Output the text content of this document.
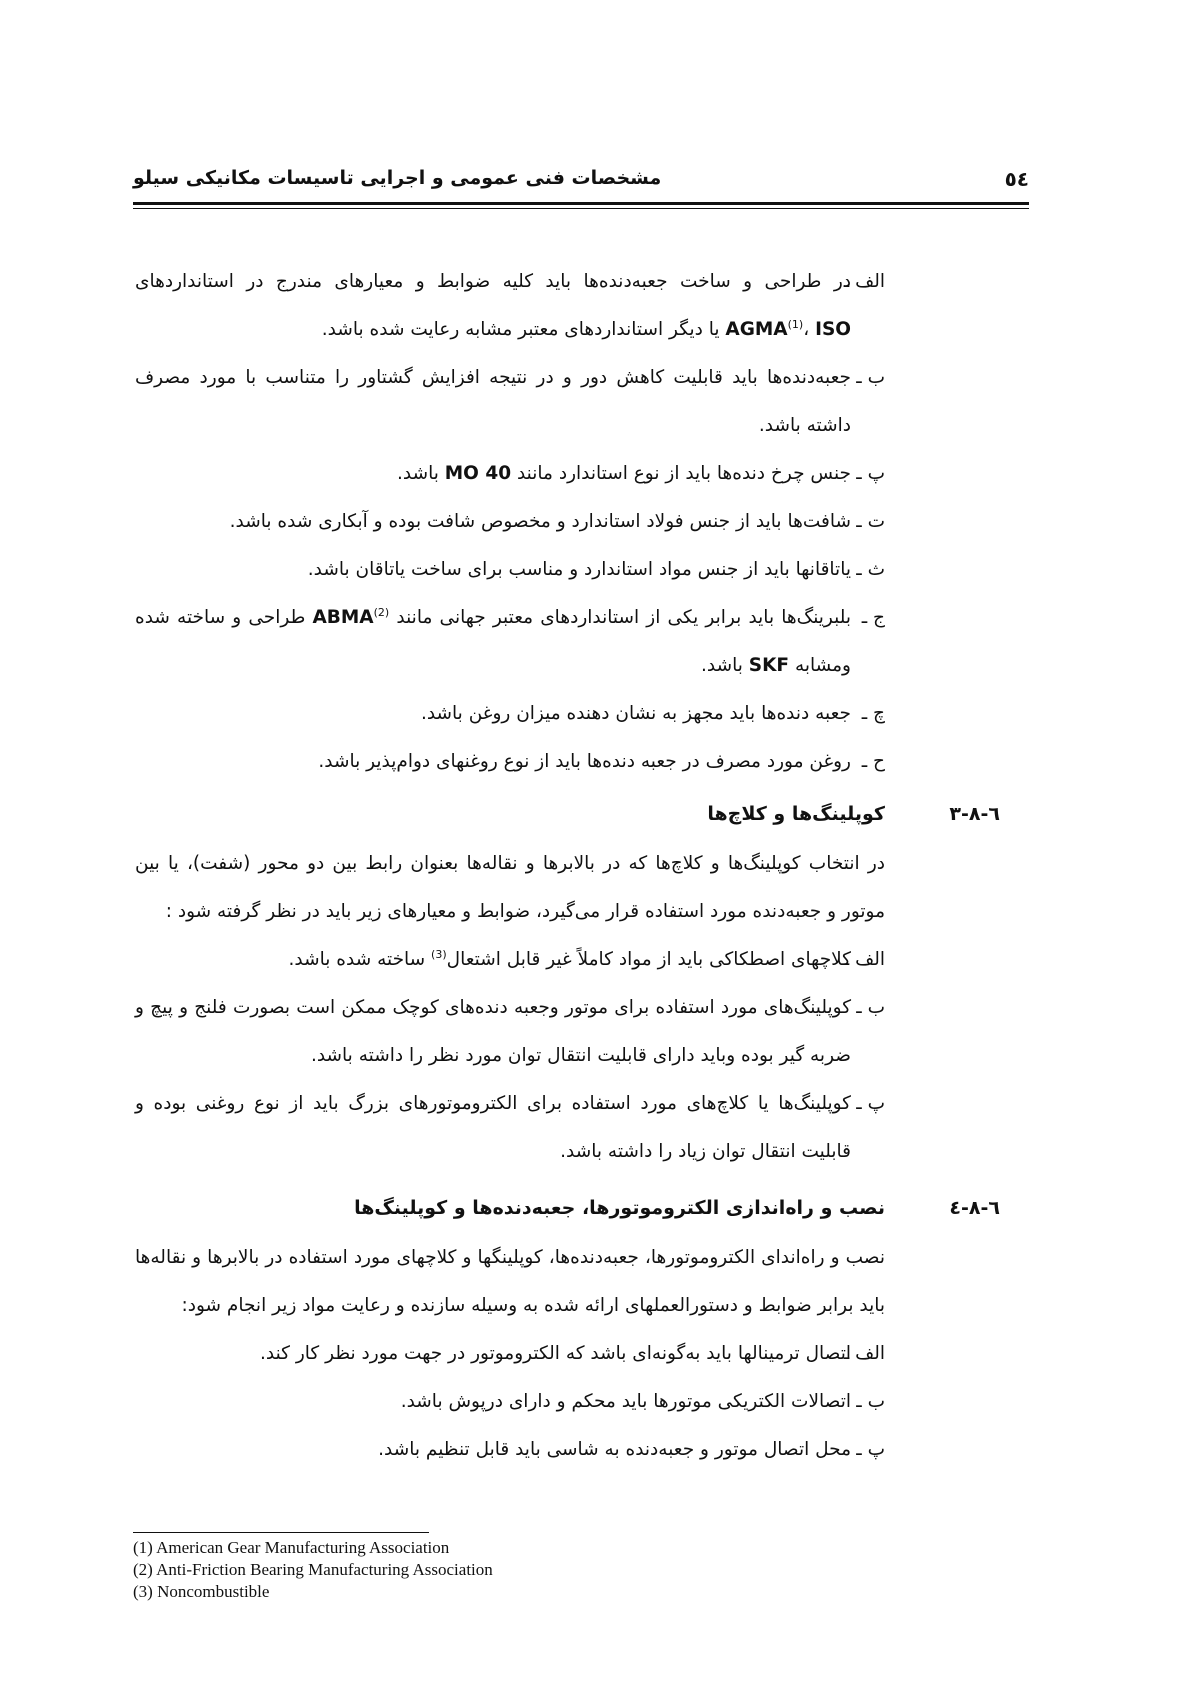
٥٤
مشخصات فنی عمومی و اجرایی تاسیسات مکانیکی سیلو
الف ـ
در طراحی و ساخت جعبه‌دنده‌ها باید کلیه ضوابط و معیارهای مندرج در استانداردهای AGMA$^{(1)}$، ISO یا دیگر استانداردهای معتبر مشابه رعایت شده باشد.
ب ـ
جعبه‌دنده‌ها باید قابلیت کاهش دور و در نتیجه افزایش گشتاور را متناسب با مورد مصرف داشته باشد.
پ ـ
جنس چرخ دنده‌ها باید از نوع استاندارد مانند MO 40 باشد.
ت ـ
شافت‌ها باید از جنس فولاد استاندارد و مخصوص شافت بوده و آبکاری شده باشد.
ث ـ
یاتاقانها باید از جنس مواد استاندارد و مناسب برای ساخت یاتاقان باشد.
ج ـ
بلبرینگ‌ها باید برابر یکی از استانداردهای معتبر جهانی مانند ABMA$^{(2)}$ طراحی و ساخته شده ومشابه SKF باشد.
چ ـ
جعبه دنده‌ها باید مجهز به نشان دهنده میزان روغن باشد.
ح ـ
روغن مورد مصرف در جعبه دنده‌ها باید از نوع روغنهای دوام‌پذیر باشد.
٦-٨-٣
کوپلینگ‌ها و کلاچ‌ها

در انتخاب کوپلینگ‌ها و کلاچ‌ها که در بالابرها و نقاله‌ها بعنوان رابط بین دو محور (شفت)، یا بین موتور و جعبه‌دنده مورد استفاده قرار می‌گیرد، ضوابط و معیارهای زیر باید در نظر گرفته شود :

الف ـ
کلاچهای اصطکاکی باید از مواد کاملاً غیر قابل اشتعال$^{(3)}$ ساخته شده باشد.
ب ـ
کوپلینگ‌های مورد استفاده برای موتور وجعبه دنده‌های کوچک ممکن است بصورت فلنج و پیچ و ضربه گیر بوده وباید دارای قابلیت انتقال توان مورد نظر را داشته باشد.
پ ـ
کوپلینگ‌ها یا کلاچ‌های مورد استفاده برای الکتروموتورهای بزرگ باید از نوع روغنی بوده و قابلیت انتقال توان زیاد را داشته باشد.
٦-٨-٤
نصب و راه‌اندازی الکتروموتورها، جعبه‌دنده‌ها و کوپلینگ‌ها

نصب و راه‌اندای الکتروموتورها، جعبه‌دنده‌ها، کوپلینگها و کلاچهای مورد استفاده در بالابرها و نقاله‌ها باید برابر ضوابط و دستورالعملهای ارائه شده به وسیله سازنده و رعایت مواد زیر انجام شود:

الف ـ
اتصال ترمینالها باید به‌گونه‌ای باشد که الکتروموتور در جهت مورد نظر کار کند.
ب ـ
اتصالات الکتریکی موتورها باید محکم و دارای درپوش باشد.
پ ـ
محل اتصال موتور و جعبه‌دنده به شاسی باید قابل تنظیم باشد.
(1) American Gear Manufacturing Association
(2) Anti-Friction Bearing Manufacturing Association
(3) Noncombustible
